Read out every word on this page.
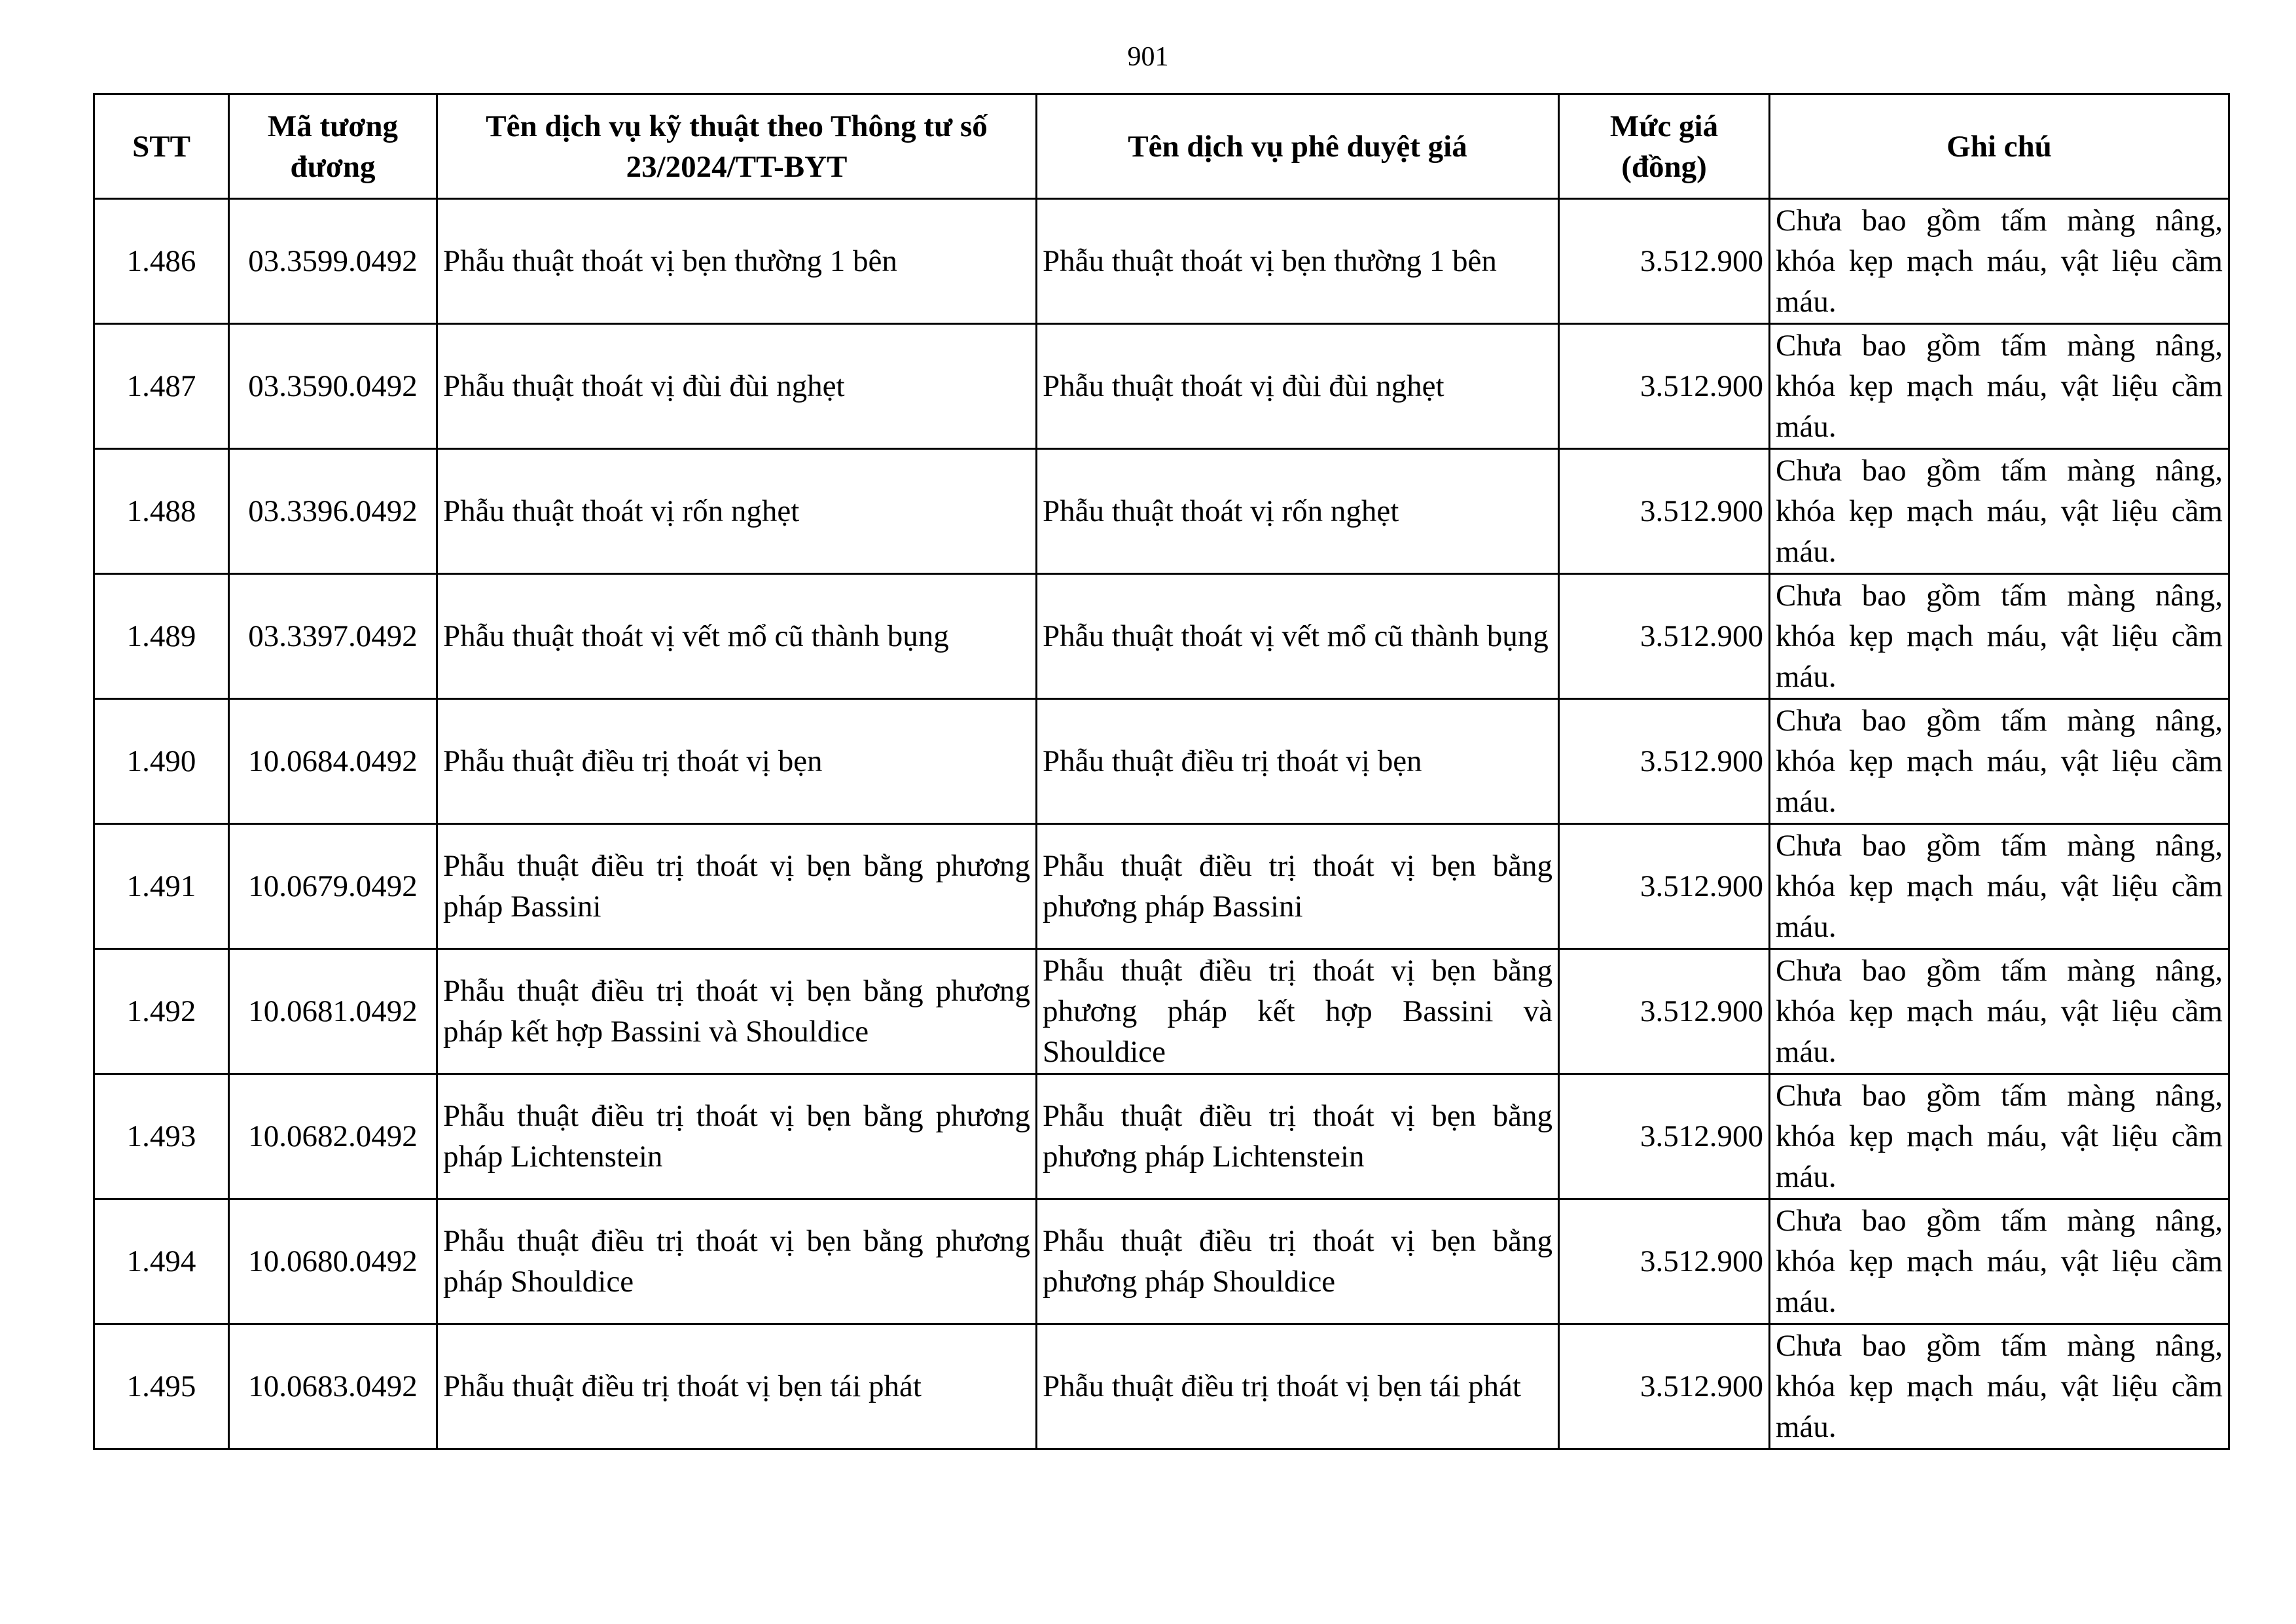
901
STT	Mã tương đương	Tên dịch vụ kỹ thuật theo Thông tư số 23/2024/TT-BYT	Tên dịch vụ phê duyệt giá	Mức giá (đồng)	Ghi chú
1.486	03.3599.0492	Phẫu thuật thoát vị bẹn thường 1 bên	Phẫu thuật thoát vị bẹn thường 1 bên	3.512.900	Chưa bao gồm tấm màng nâng, khóa kẹp mạch máu, vật liệu cầm máu.
1.487	03.3590.0492	Phẫu thuật thoát vị đùi đùi nghẹt	Phẫu thuật thoát vị đùi đùi nghẹt	3.512.900	Chưa bao gồm tấm màng nâng, khóa kẹp mạch máu, vật liệu cầm máu.
1.488	03.3396.0492	Phẫu thuật thoát vị rốn nghẹt	Phẫu thuật thoát vị rốn nghẹt	3.512.900	Chưa bao gồm tấm màng nâng, khóa kẹp mạch máu, vật liệu cầm máu.
1.489	03.3397.0492	Phẫu thuật thoát vị vết mổ cũ thành bụng	Phẫu thuật thoát vị vết mổ cũ thành bụng	3.512.900	Chưa bao gồm tấm màng nâng, khóa kẹp mạch máu, vật liệu cầm máu.
1.490	10.0684.0492	Phẫu thuật điều trị thoát vị bẹn	Phẫu thuật điều trị thoát vị bẹn	3.512.900	Chưa bao gồm tấm màng nâng, khóa kẹp mạch máu, vật liệu cầm máu.
1.491	10.0679.0492	Phẫu thuật điều trị thoát vị bẹn bằng phương pháp Bassini	Phẫu thuật điều trị thoát vị bẹn bằng phương pháp Bassini	3.512.900	Chưa bao gồm tấm màng nâng, khóa kẹp mạch máu, vật liệu cầm máu.
1.492	10.0681.0492	Phẫu thuật điều trị thoát vị bẹn bằng phương pháp kết hợp Bassini và Shouldice	Phẫu thuật điều trị thoát vị bẹn bằng phương pháp kết hợp Bassini và Shouldice	3.512.900	Chưa bao gồm tấm màng nâng, khóa kẹp mạch máu, vật liệu cầm máu.
1.493	10.0682.0492	Phẫu thuật điều trị thoát vị bẹn bằng phương pháp Lichtenstein	Phẫu thuật điều trị thoát vị bẹn bằng phương pháp Lichtenstein	3.512.900	Chưa bao gồm tấm màng nâng, khóa kẹp mạch máu, vật liệu cầm máu.
1.494	10.0680.0492	Phẫu thuật điều trị thoát vị bẹn bằng phương pháp Shouldice	Phẫu thuật điều trị thoát vị bẹn bằng phương pháp Shouldice	3.512.900	Chưa bao gồm tấm màng nâng, khóa kẹp mạch máu, vật liệu cầm máu.
1.495	10.0683.0492	Phẫu thuật điều trị thoát vị bẹn tái phát	Phẫu thuật điều trị thoát vị bẹn tái phát	3.512.900	Chưa bao gồm tấm màng nâng, khóa kẹp mạch máu, vật liệu cầm máu.
